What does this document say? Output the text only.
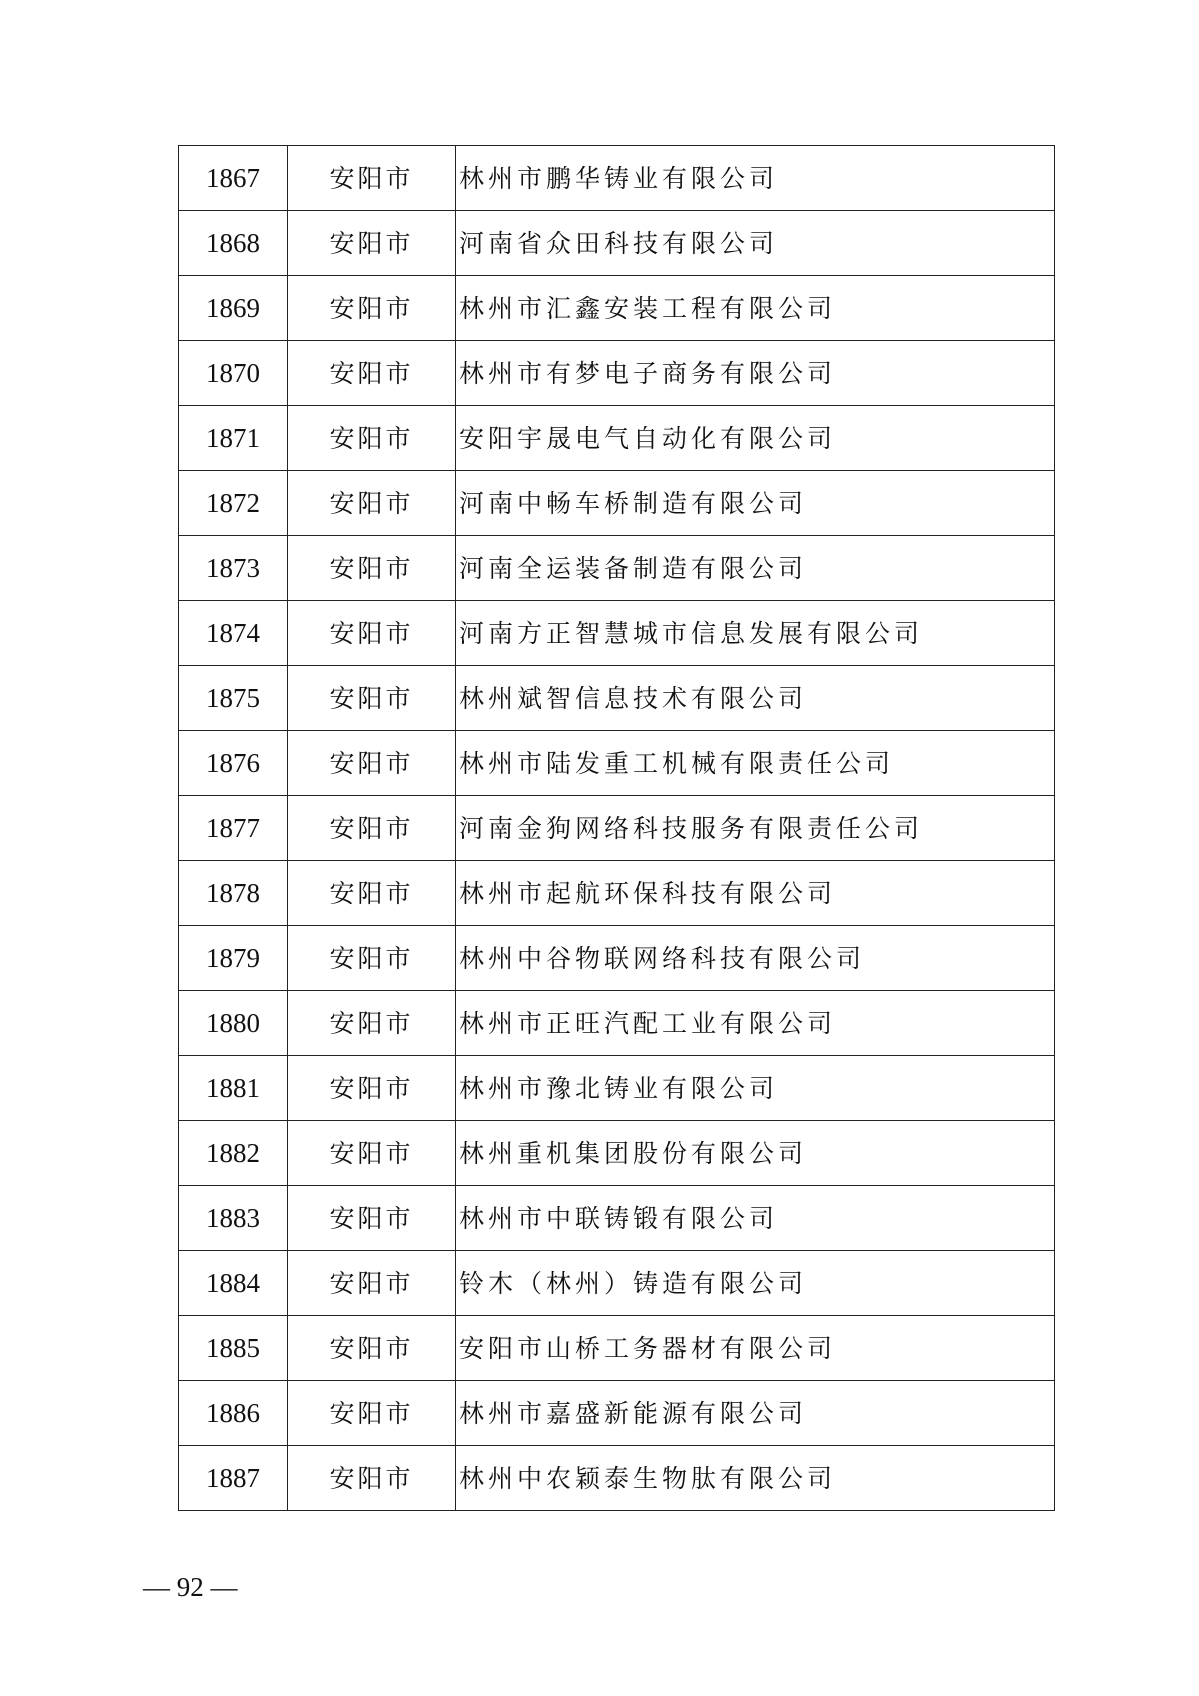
1867	安阳市	林州市鹏华铸业有限公司
1868	安阳市	河南省众田科技有限公司
1869	安阳市	林州市汇鑫安装工程有限公司
1870	安阳市	林州市有梦电子商务有限公司
1871	安阳市	安阳宇晟电气自动化有限公司
1872	安阳市	河南中畅车桥制造有限公司
1873	安阳市	河南全运装备制造有限公司
1874	安阳市	河南方正智慧城市信息发展有限公司
1875	安阳市	林州斌智信息技术有限公司
1876	安阳市	林州市陆发重工机械有限责任公司
1877	安阳市	河南金狗网络科技服务有限责任公司
1878	安阳市	林州市起航环保科技有限公司
1879	安阳市	林州中谷物联网络科技有限公司
1880	安阳市	林州市正旺汽配工业有限公司
1881	安阳市	林州市豫北铸业有限公司
1882	安阳市	林州重机集团股份有限公司
1883	安阳市	林州市中联铸锻有限公司
1884	安阳市	铃木（林州）铸造有限公司
1885	安阳市	安阳市山桥工务器材有限公司
1886	安阳市	林州市嘉盛新能源有限公司
1887	安阳市	林州中农颖泰生物肽有限公司
— 92 —
